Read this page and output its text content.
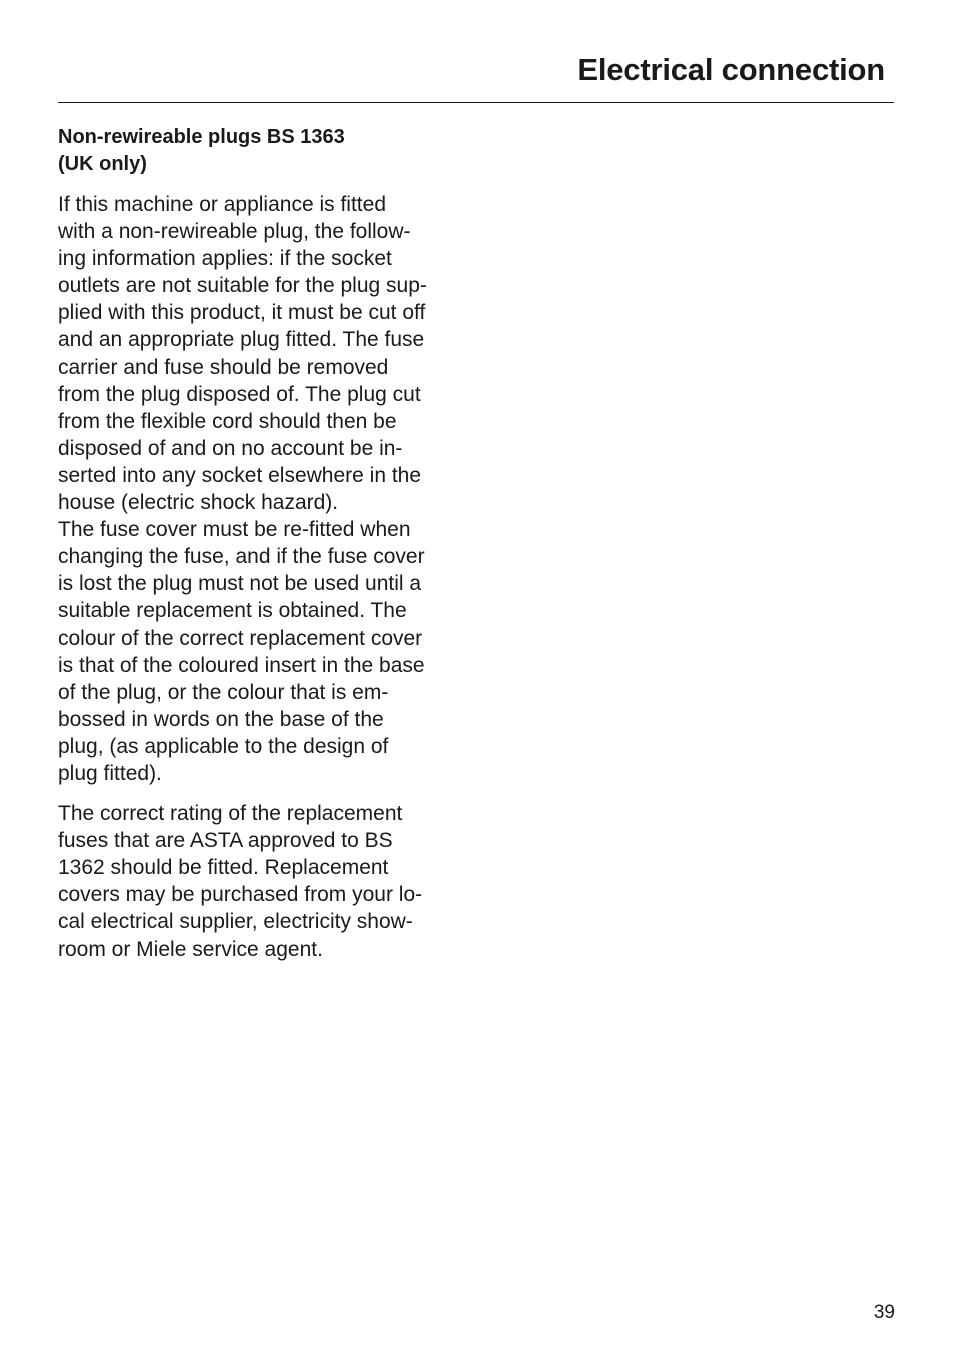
Electrical connection
Non-rewireable plugs BS 1363
(UK only)

If this machine or appliance is fitted
with a non-rewireable plug, the follow-
ing information applies: if the socket
outlets are not suitable for the plug sup-
plied with this product, it must be cut off
and an appropriate plug fitted. The fuse
carrier and fuse should be removed
from the plug disposed of. The plug cut
from the flexible cord should then be
disposed of and on no account be in-
serted into any socket elsewhere in the
house (electric shock hazard).

The fuse cover must be re-fitted when
changing the fuse, and if the fuse cover
is lost the plug must not be used until a
suitable replacement is obtained. The
colour of the correct replacement cover
is that of the coloured insert in the base
of the plug, or the colour that is em-
bossed in words on the base of the
plug, (as applicable to the design of
plug fitted).

The correct rating of the replacement
fuses that are ASTA approved to BS
1362 should be fitted. Replacement
covers may be purchased from your lo-
cal electrical supplier, electricity show-
room or Miele service agent.

39
